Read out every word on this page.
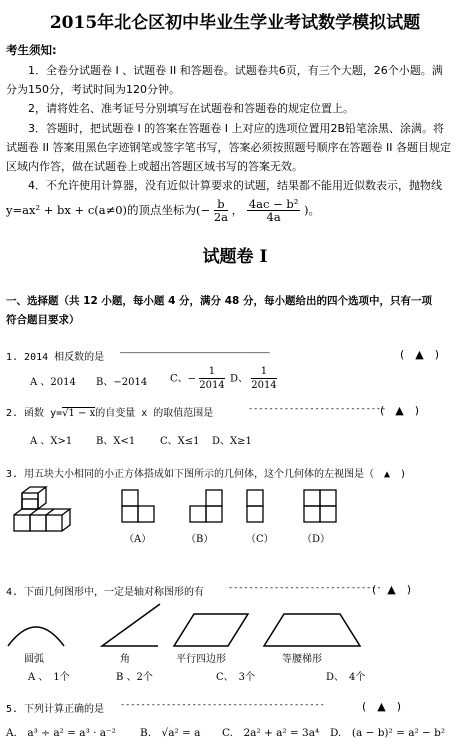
2015年北仑区初中毕业生学业考试数学模拟试题
考生须知:
1．全卷分试题卷 I 、试题卷 II 和答题卷。试题卷共6页，有三个大题，26个小题。满
分为150分，考试时间为120分钟。
2，请将姓名、准考证号分别填写在试题卷和答题卷的规定位置上。
3．答题时，把试题卷 I 的答案在答题卷 I 上对应的选项位置用2B铅笔涂黑、涂满。将
试题卷 II 答案用黑色字迹钢笔或签字笔书写，答案必须按照题号顺序在答题卷 II 各题目规定
区域内作答，做在试题卷上或超出答题区域书写的答案无效。
4．不允许使用计算器，没有近似计算要求的试题，结果都不能用近似数表示，抛物线
y=ax² + bx + c(a≠0)的顶点坐标为(− $\frac{b}{2a}$ ， $\frac{\text{4ac − b²}}{4a}$ )。
试题卷 I
一、选择题（共 12 小题，每小题 4 分，满分 48 分，每小题给出的四个选项中，只有一项
符合题目要求）
1. 2014 相反数的是 ———————————————————————————————————————	(　▲　)
A 、2014 B、−2014 C、− $\frac{1}{2014}$ D、 $\frac{1}{2014}$
2. 函数 y=√1 − x的自变量 x 的取值范围是	---------------------------
(　▲　)
A 、X>1 B、X<1 C、X≤1 D、X≥1
3. 用五块大小相同的小正方体搭成如下图所示的几何体，这个几何体的左视图是（　▲　)
（A）	（B）	（C）	（D）
4. 下面几何图形中，一定是轴对称图形的有	------------------------------
(　▲　)
圆弧	角	平行四边形	等腰梯形
A 、　1个	B 、2个	C、　3个	D、　4个
5. 下列计算正确的是 ----------------------------------------	(　▲　)
A.　a³ ÷ a² = a³ · a⁻² B.　√a² = a C.　2a² + a² = 3a⁴ D.　(a − b)² = a² − b²
